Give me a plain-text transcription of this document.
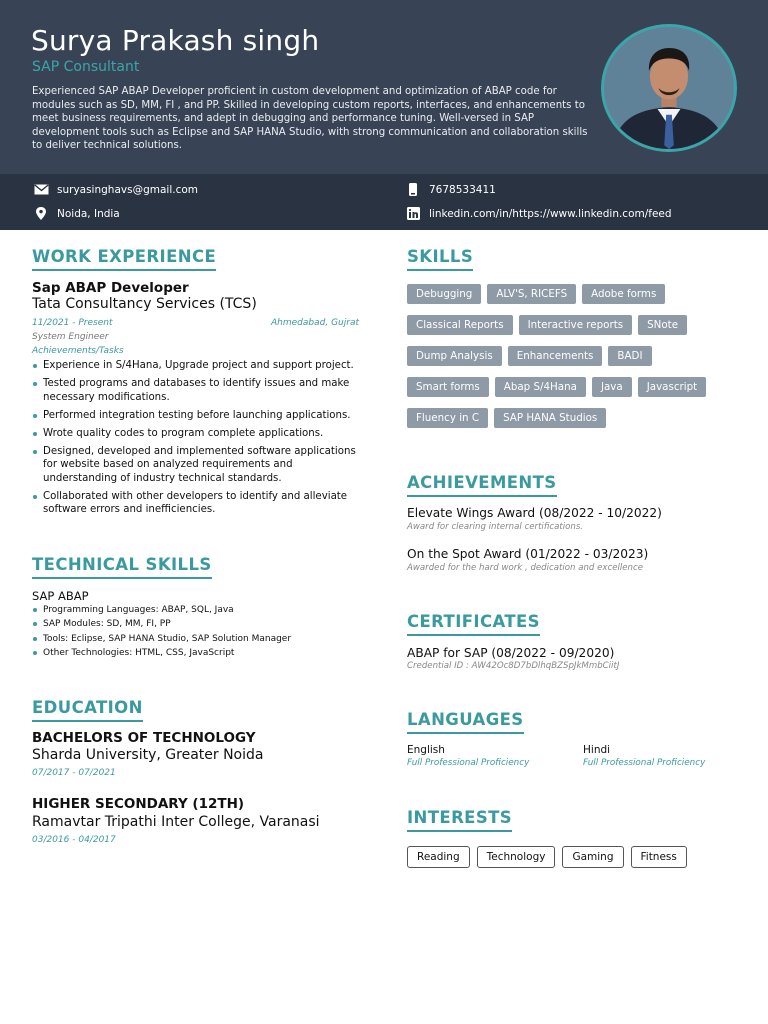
Surya Prakash singh
SAP Consultant
Experienced SAP ABAP Developer proficient in custom development and optimization of ABAP code for modules such as SD, MM, FI , and PP. Skilled in developing custom reports, interfaces, and enhancements to meet business requirements, and adept in debugging and performance tuning. Well-versed in SAP development tools such as Eclipse and SAP HANA Studio, with strong communication and collaboration skills to deliver technical solutions.
suryasinghavs@gmail.com	7678533411
Noida, India	linkedin.com/in/https://www.linkedin.com/feed
WORK EXPERIENCE
Sap ABAP Developer
Tata Consultancy Services (TCS)
11/2021 - Present	Ahmedabad, Gujrat
System Engineer
Achievements/Tasks
Experience in S/4Hana, Upgrade project and support project.
Tested programs and databases to identify issues and make necessary modifications.
Performed integration testing before launching applications.
Wrote quality codes to program complete applications.
Designed, developed and implemented software applications for website based on analyzed requirements and understanding of industry technical standards.
Collaborated with other developers to identify and alleviate software errors and inefficiencies.
TECHNICAL SKILLS
SAP ABAP
Programming Languages: ABAP, SQL, Java
SAP Modules: SD, MM, FI, PP
Tools: Eclipse, SAP HANA Studio, SAP Solution Manager
Other Technologies: HTML, CSS, JavaScript
EDUCATION
BACHELORS OF TECHNOLOGY
Sharda University, Greater Noida
07/2017 - 07/2021
HIGHER SECONDARY (12TH)
Ramavtar Tripathi Inter College, Varanasi
03/2016 - 04/2017
SKILLS
Debugging	ALV'S, RICEFS	Adobe forms
Classical Reports	Interactive reports	SNote
Dump Analysis	Enhancements	BADI
Smart forms	Abap S/4Hana	Java	Javascript
Fluency in C	SAP HANA Studios
ACHIEVEMENTS
Elevate Wings Award (08/2022 - 10/2022)
Award for clearing internal certifications.
On the Spot Award (01/2022 - 03/2023)
Awarded for the hard work , dedication and excellence
CERTIFICATES
ABAP for SAP (08/2022 - 09/2020)
Credential ID : AW42Oc8D7bDlhqBZSpJkMmbCiitJ
LANGUAGES
English
Full Professional Proficiency
Hindi
Full Professional Proficiency
INTERESTS
Reading	Technology	Gaming	Fitness
